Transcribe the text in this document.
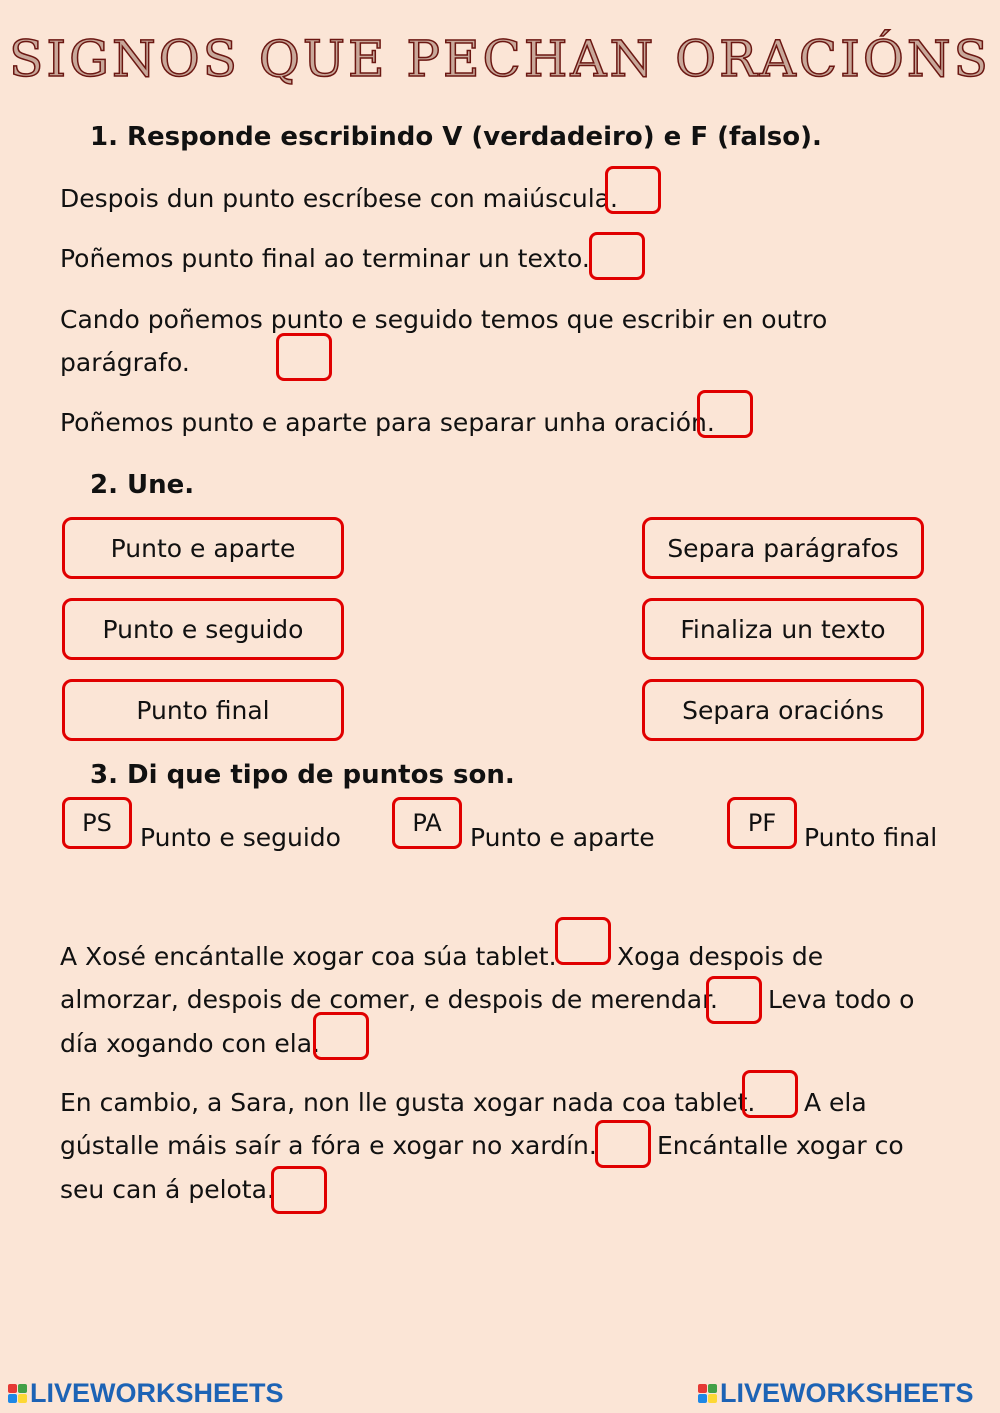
SIGNOS QUE PECHAN ORACIÓNS
1. Responde escribindo V (verdadeiro) e F (falso).
Despois dun punto escríbese con maiúscula.
Poñemos punto final ao terminar un texto.
Cando poñemos punto e seguido temos que escribir en outro
parágrafo.
Poñemos punto e aparte para separar unha oración.
2. Une.
Punto e aparte
Punto e seguido
Punto final
Separa parágrafos
Finaliza un texto
Separa oracións
3. Di que tipo de puntos son.
PS	Punto e seguido	PA	Punto e aparte	PF	Punto final
A Xosé encántalle xogar coa súa tablet. Xoga despois de
almorzar, despois de comer, e despois de merendar. Leva todo o
día xogando con ela.
En cambio, a Sara, non lle gusta xogar nada coa tablet. A ela
gústalle máis saír a fóra e xogar no xardín. Encántalle xogar co
seu can á pelota.
LIVEWORKSHEETS	LIVEWORKSHEETS
